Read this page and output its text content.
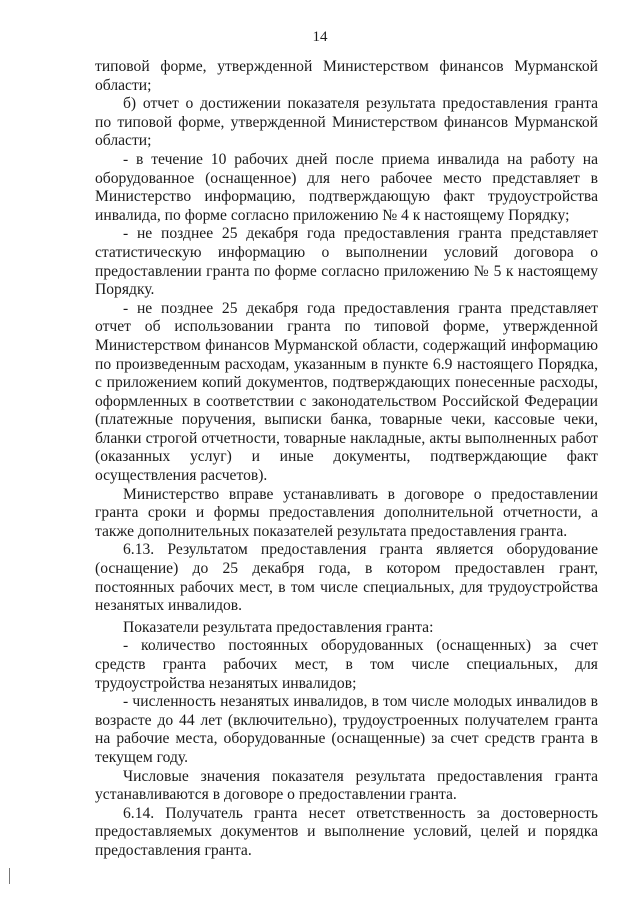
14

типовой форме, утвержденной Министерством финансов Мурманской области;

б) отчет о достижении показателя результата предоставления гранта по типовой форме, утвержденной Министерством финансов Мурманской области;

- в течение 10 рабочих дней после приема инвалида на работу на оборудованное (оснащенное) для него рабочее место представляет в Министерство информацию, подтверждающую факт трудоустройства инвалида, по форме согласно приложению № 4 к настоящему Порядку;

- не позднее 25 декабря года предоставления гранта представляет статистическую информацию о выполнении условий договора о предоставлении гранта по форме согласно приложению № 5 к настоящему Порядку.

- не позднее 25 декабря года предоставления гранта представляет отчет об использовании гранта по типовой форме, утвержденной Министерством финансов Мурманской области, содержащий информацию по произведенным расходам, указанным в пункте 6.9 настоящего Порядка, с приложением копий документов, подтверждающих понесенные расходы, оформленных в соответствии с законодательством Российской Федерации (платежные поручения, выписки банка, товарные чеки, кассовые чеки, бланки строгой отчетности, товарные накладные, акты выполненных работ (оказанных услуг) и иные документы, подтверждающие факт осуществления расчетов).

Министерство вправе устанавливать в договоре о предоставлении гранта сроки и формы предоставления дополнительной отчетности, а также дополнительных показателей результата предоставления гранта.

6.13. Результатом предоставления гранта является оборудование (оснащение) до 25 декабря года, в котором предоставлен грант, постоянных рабочих мест, в том числе специальных, для трудоустройства незанятых инвалидов.

Показатели результата предоставления гранта:

- количество постоянных оборудованных (оснащенных) за счет средств гранта рабочих мест, в том числе специальных, для трудоустройства незанятых инвалидов;

- численность незанятых инвалидов, в том числе молодых инвалидов в возрасте до 44 лет (включительно), трудоустроенных получателем гранта на рабочие места, оборудованные (оснащенные) за счет средств гранта в текущем году.

Числовые значения показателя результата предоставления гранта устанавливаются в договоре о предоставлении гранта.

6.14. Получатель гранта несет ответственность за достоверность предоставляемых документов и выполнение условий, целей и порядка предоставления гранта.
